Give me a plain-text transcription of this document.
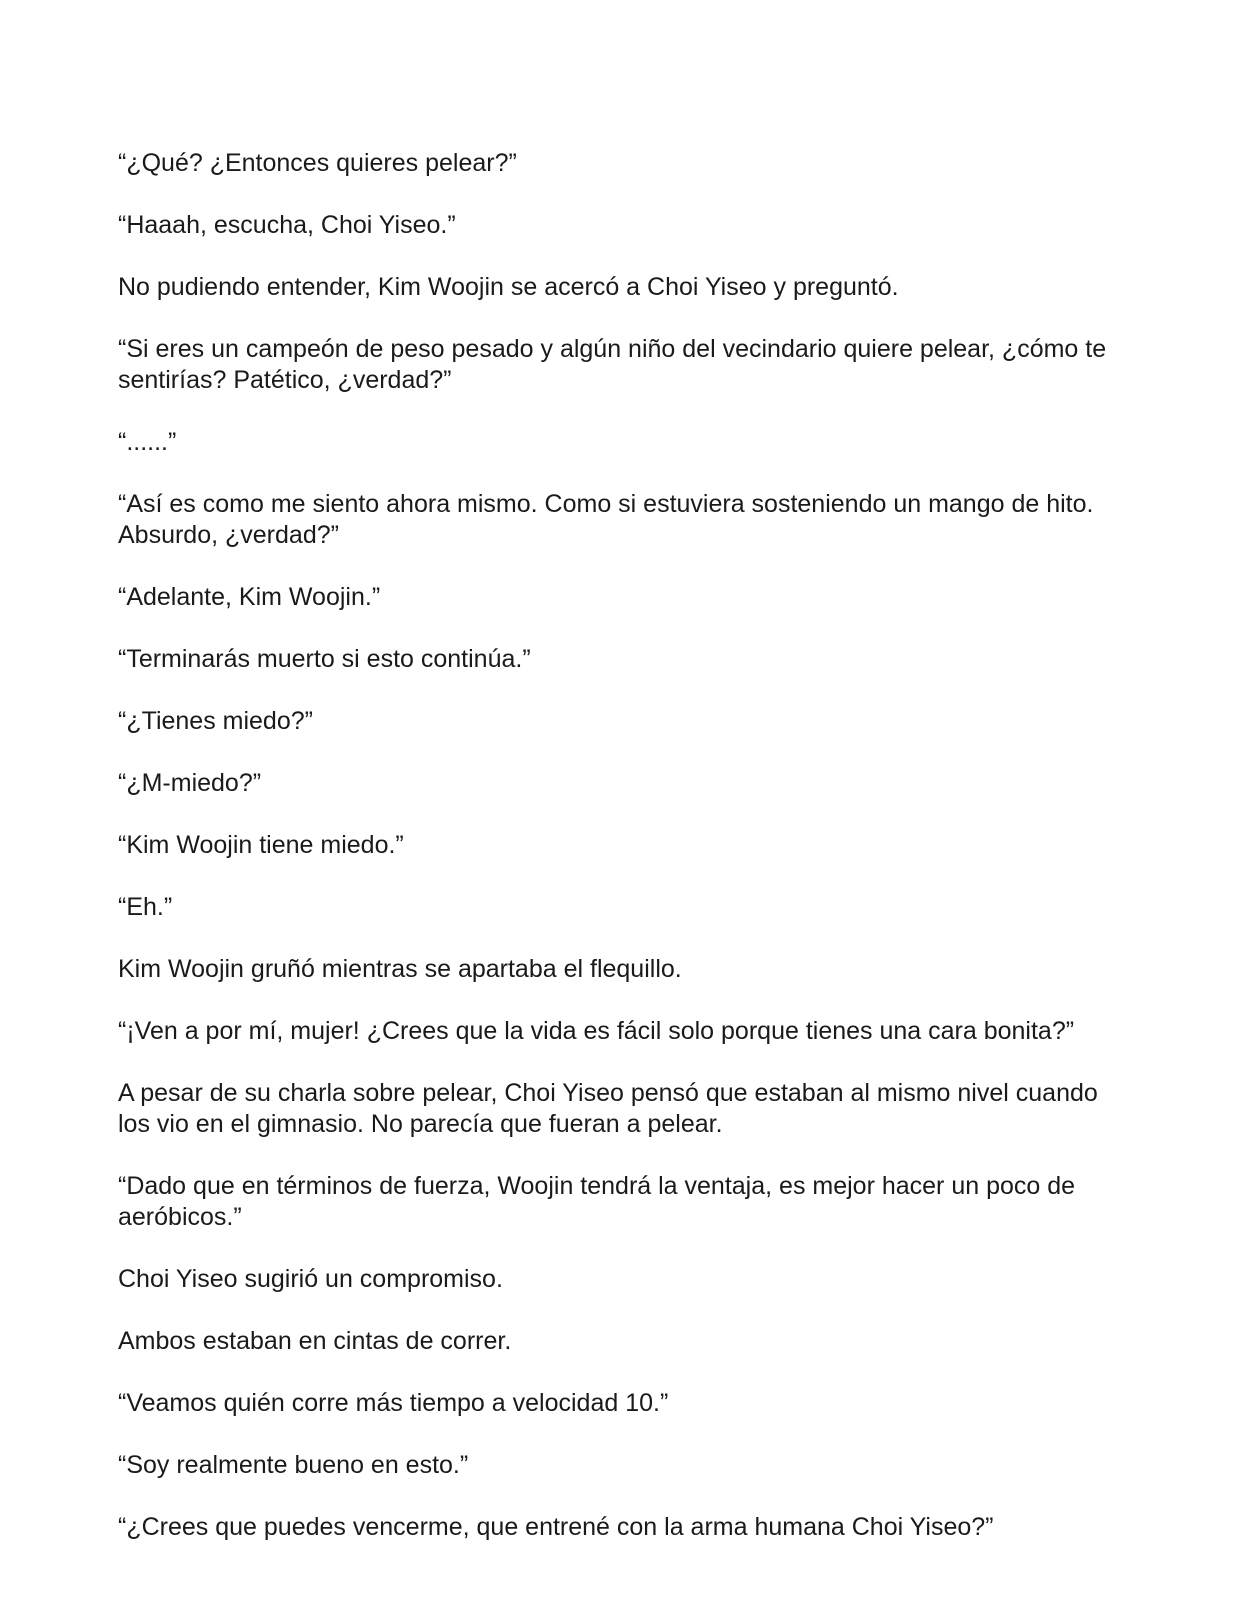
“¿Qué? ¿Entonces quieres pelear?”

“Haaah, escucha, Choi Yiseo.”

No pudiendo entender, Kim Woojin se acercó a Choi Yiseo y preguntó.

“Si eres un campeón de peso pesado y algún niño del vecindario quiere pelear, ¿cómo te sentirías? Patético, ¿verdad?”

“......”

“Así es como me siento ahora mismo. Como si estuviera sosteniendo un mango de hito. Absurdo, ¿verdad?”

“Adelante, Kim Woojin.”

“Terminarás muerto si esto continúa.”

“¿Tienes miedo?”

“¿M-miedo?”

“Kim Woojin tiene miedo.”

“Eh.”

Kim Woojin gruñó mientras se apartaba el flequillo.

“¡Ven a por mí, mujer! ¿Crees que la vida es fácil solo porque tienes una cara bonita?”

A pesar de su charla sobre pelear, Choi Yiseo pensó que estaban al mismo nivel cuando los vio en el gimnasio. No parecía que fueran a pelear.

“Dado que en términos de fuerza, Woojin tendrá la ventaja, es mejor hacer un poco de aeróbicos.”

Choi Yiseo sugirió un compromiso.

Ambos estaban en cintas de correr.

“Veamos quién corre más tiempo a velocidad 10.”

“Soy realmente bueno en esto.”

“¿Crees que puedes vencerme, que entrené con la arma humana Choi Yiseo?”
